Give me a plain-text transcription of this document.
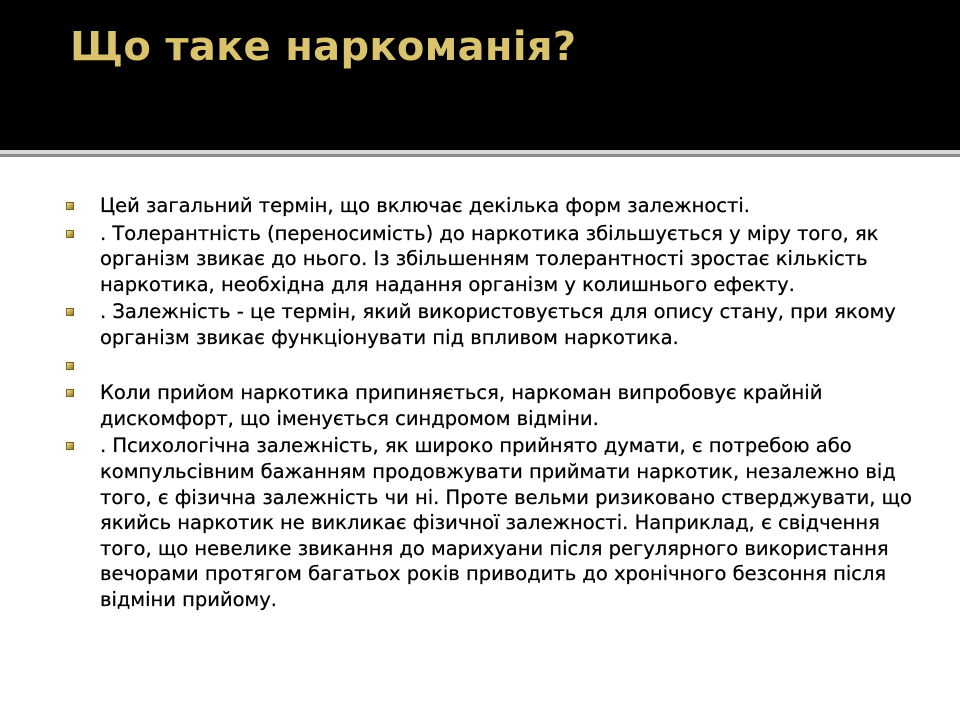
Що таке наркоманія?
Цей загальний термін, що включає декілька форм залежності.
. Толерантність (переносимість) до наркотика збільшується у міру того, як організм звикає до нього. Із збільшенням толерантності зростає кількість наркотика, необхідна для надання організм у колишнього ефекту.
. Залежність - це термін, який використовується для опису стану, при якому організм звикає функціонувати під впливом наркотика.
Коли прийом наркотика припиняється, наркоман випробовує крайній дискомфорт, що іменується синдромом відміни.
. Психологічна залежність, як широко прийнято думати, є потребою або компульсівним бажанням продовжувати приймати наркотик, незалежно від того, є фізична залежність чи ні. Проте вельми ризиковано стверджувати, що якийсь наркотик не викликає фізичної залежності. Наприклад, є свідчення того, що невелике звикання до марихуани після регулярного використання вечорами протягом багатьох років приводить до хронічного безсоння після відміни прийому.
